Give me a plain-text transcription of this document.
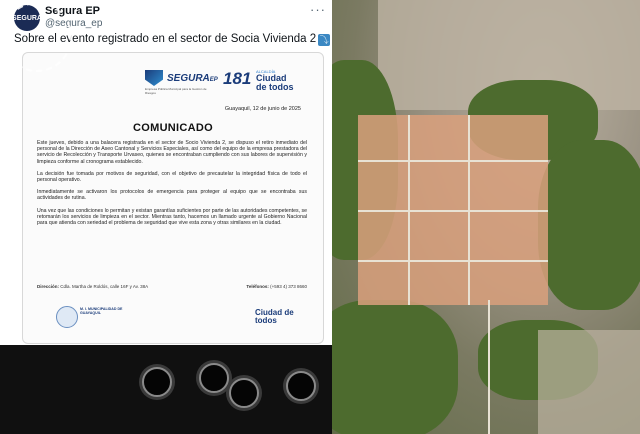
SEGURA
Segura EP
@segura_ep
···
Sobre el evento registrado en el sector de Socia Vivienda 2 ⤵
SEGURAEP
Empresa Pública Municipal para la Gestión de Riesgos
181 ALCALDÍA
Ciudad de todos
Guayaquil, 12 de junio de 2025
COMUNICADO

Este jueves, debido a una balacera registrada en el sector de Socio Vivienda 2, se dispuso el retiro inmediato del personal de la Dirección de Aseo Cantonal y Servicios Especiales, así como del equipo de la empresa prestadora del servicio de Recolección y Transporte Urvaseo, quienes se encontraban cumpliendo con sus labores de supervisión y limpieza conforme al cronograma establecido.

La decisión fue tomada por motivos de seguridad, con el objetivo de precautelar la integridad física de todo el personal operativo.

Inmediatamente se activaron los protocolos de emergencia para proteger al equipo que se encontraba sus actividades de rutina.

Una vez que las condiciones lo permitan y existan garantías suficientes por parte de las autoridades competentes, se retomarán los servicios de limpieza en el sector. Mientras tanto, hacemos un llamado urgente al Gobierno Nacional para que atienda con seriedad el problema de seguridad que vive esta zona y otras similares en la ciudad.

Dirección: Cdla. Martha de Roldós, calle 16F y Av. 38A	Teléfonos: (+593 4) 373 8660
M. I. MUNICIPALIDAD DE GUAYAQUIL	Ciudad de todos
